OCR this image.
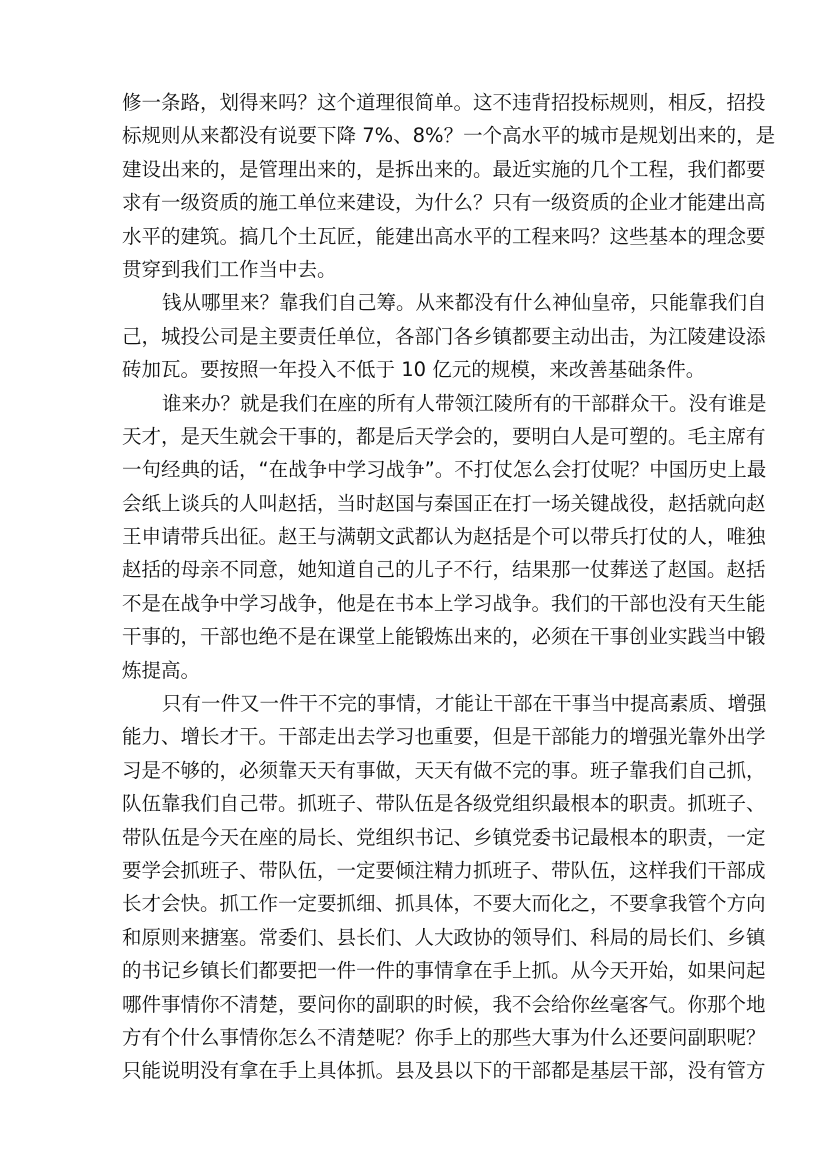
修一条路，划得来吗？这个道理很简单。这不违背招投标规则，相反，招投
标规则从来都没有说要下降 7%、8%？一个高水平的城市是规划出来的，是
建设出来的，是管理出来的，是拆出来的。最近实施的几个工程，我们都要
求有一级资质的施工单位来建设，为什么？只有一级资质的企业才能建出高
水平的建筑。搞几个土瓦匠，能建出高水平的工程来吗？这些基本的理念要
贯穿到我们工作当中去。
钱从哪里来？靠我们自己筹。从来都没有什么神仙皇帝，只能靠我们自
己，城投公司是主要责任单位，各部门各乡镇都要主动出击，为江陵建设添
砖加瓦。要按照一年投入不低于 10 亿元的规模，来改善基础条件。
谁来办？就是我们在座的所有人带领江陵所有的干部群众干。没有谁是
天才，是天生就会干事的，都是后天学会的，要明白人是可塑的。毛主席有
一句经典的话，“在战争中学习战争”。不打仗怎么会打仗呢？中国历史上最
会纸上谈兵的人叫赵括，当时赵国与秦国正在打一场关键战役，赵括就向赵
王申请带兵出征。赵王与满朝文武都认为赵括是个可以带兵打仗的人，唯独
赵括的母亲不同意，她知道自己的儿子不行，结果那一仗葬送了赵国。赵括
不是在战争中学习战争，他是在书本上学习战争。我们的干部也没有天生能
干事的，干部也绝不是在课堂上能锻炼出来的，必须在干事创业实践当中锻
炼提高。
只有一件又一件干不完的事情，才能让干部在干事当中提高素质、增强
能力、增长才干。干部走出去学习也重要，但是干部能力的增强光靠外出学
习是不够的，必须靠天天有事做，天天有做不完的事。班子靠我们自己抓，
队伍靠我们自己带。抓班子、带队伍是各级党组织最根本的职责。抓班子、
带队伍是今天在座的局长、党组织书记、乡镇党委书记最根本的职责，一定
要学会抓班子、带队伍，一定要倾注精力抓班子、带队伍，这样我们干部成
长才会快。抓工作一定要抓细、抓具体，不要大而化之，不要拿我管个方向
和原则来搪塞。常委们、县长们、人大政协的领导们、科局的局长们、乡镇
的书记乡镇长们都要把一件一件的事情拿在手上抓。从今天开始，如果问起
哪件事情你不清楚，要问你的副职的时候，我不会给你丝毫客气。你那个地
方有个什么事情你怎么不清楚呢？你手上的那些大事为什么还要问副职呢？
只能说明没有拿在手上具体抓。县及县以下的干部都是基层干部，没有管方
